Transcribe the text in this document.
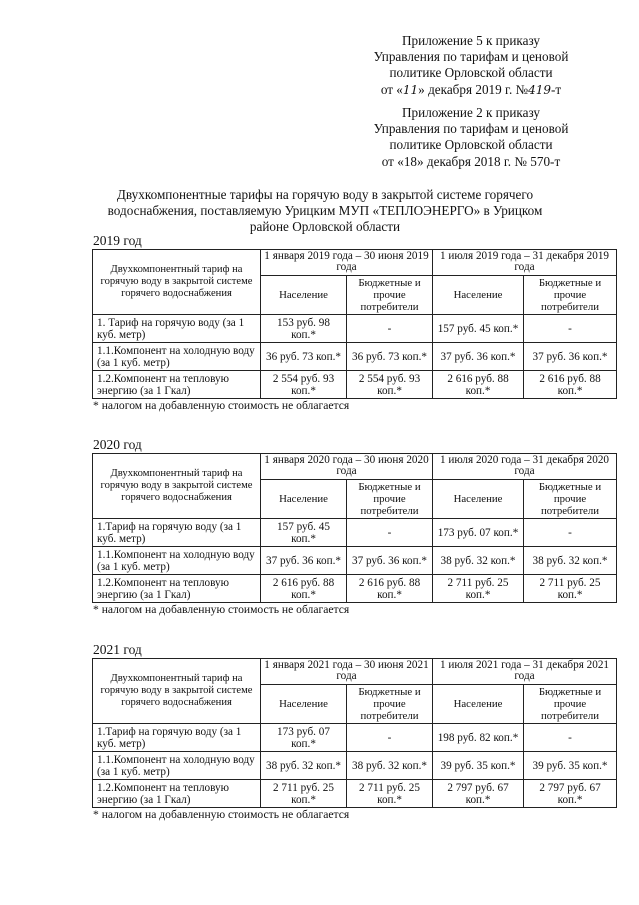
Приложение 5 к приказу
Управления по тарифам и ценовой
политике Орловской области
от «11» декабря 2019 г. №419-т
Приложение 2 к приказу
Управления по тарифам и ценовой
политике Орловской области
от «18» декабря 2018 г. № 570-т
Двухкомпонентные тарифы на горячую воду в закрытой системе горячего
водоснабжения, поставляемую Урицким МУП «ТЕПЛОЭНЕРГО» в Урицком
районе Орловской области
2019 год
Двухкомпонентный тариф на горячую воду в закрытой системе горячего водоснабжения	1 января 2019 года – 30 июня 2019 года		1 июля 2019 года – 31 декабря 2019 года	
	Население	Бюджетные и прочие потребители	Население	Бюджетные и прочие потребители
1. Тариф на горячую воду (за 1 куб. метр)	153 руб. 98 коп.*	-	157 руб. 45 коп.*	-
1.1.Компонент на холодную воду (за 1 куб. метр)	36 руб. 73 коп.*	36 руб. 73 коп.*	37 руб. 36 коп.*	37 руб. 36 коп.*
1.2.Компонент на тепловую энергию (за 1 Гкал)	2 554 руб. 93 коп.*	2 554 руб. 93 коп.*	2 616 руб. 88 коп.*	2 616 руб. 88 коп.*
* налогом на добавленную стоимость не облагается
2020 год
Двухкомпонентный тариф на горячую воду в закрытой системе горячего водоснабжения	1 января 2020 года – 30 июня 2020 года		1 июля 2020 года – 31 декабря 2020 года	
	Население	Бюджетные и прочие потребители	Население	Бюджетные и прочие потребители
1.Тариф на горячую воду (за 1 куб. метр)	157 руб. 45 коп.*	-	173 руб. 07 коп.*	-
1.1.Компонент на холодную воду (за 1 куб. метр)	37 руб. 36 коп.*	37 руб. 36 коп.*	38 руб. 32 коп.*	38 руб. 32 коп.*
1.2.Компонент на тепловую энергию (за 1 Гкал)	2 616 руб. 88 коп.*	2 616 руб. 88 коп.*	2 711 руб. 25 коп.*	2 711 руб. 25 коп.*
* налогом на добавленную стоимость не облагается
2021 год
Двухкомпонентный тариф на горячую воду в закрытой системе горячего водоснабжения	1 января 2021 года – 30 июня 2021 года		1 июля 2021 года – 31 декабря 2021 года	
	Население	Бюджетные и прочие потребители	Население	Бюджетные и прочие потребители
1.Тариф на горячую воду (за 1 куб. метр)	173 руб. 07 коп.*	-	198 руб. 82 коп.*	-
1.1.Компонент на холодную воду (за 1 куб. метр)	38 руб. 32 коп.*	38 руб. 32 коп.*	39 руб. 35 коп.*	39 руб. 35 коп.*
1.2.Компонент на тепловую энергию (за 1 Гкал)	2 711 руб. 25 коп.*	2 711 руб. 25 коп.*	2 797 руб. 67 коп.*	2 797 руб. 67 коп.*
* налогом на добавленную стоимость не облагается
